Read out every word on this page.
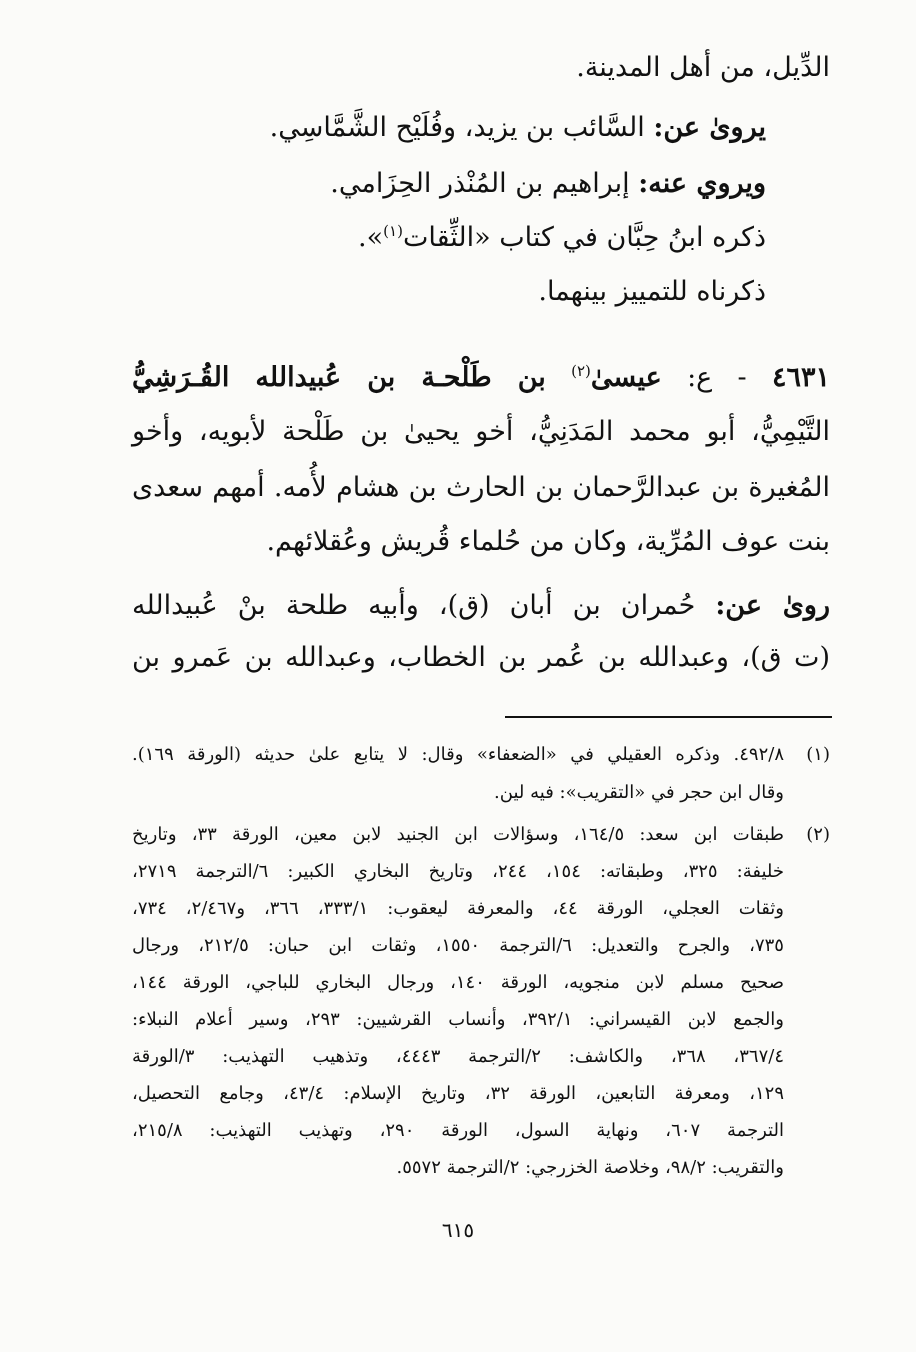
الدِّيل، من أهل المدينة.
يروىٰ عن: السَّائب بن يزيد، وفُلَيْح الشَّمَّاسِي.
ويروي عنه: إبراهيم بن المُنْذر الحِزَامي.
ذكره ابنُ حِبَّان في كتاب «الثِّقات$^{(١)}$».
ذكرناه للتمييز بينهما.
٤٦٣١ - ع: عيسىٰ$^{(٢)}$ بن طَلْحـة بن عُبيدالله القُـرَشِيُّ
التَّيْمِيُّ، أبو محمد المَدَنِيُّ، أخو يحيىٰ بن طَلْحة لأبويه، وأخو
المُغيرة بن عبدالرَّحمان بن الحارث بن هشام لأُمه. أمهم سعدى
بنت عوف المُرِّية، وكان من حُلماء قُريش وعُقلائهم.
روىٰ عن: حُمران بن أبان (ق)، وأبيه طلحة بنْ عُبيدالله
(ت ق)، وعبدالله بن عُمر بن الخطاب، وعبدالله بن عَمرو بن
(١)
٤٩٢/٨. وذكره العقيلي في «الضعفاء» وقال: لا يتابع علىٰ حديثه (الورقة ١٦٩).
وقال ابن حجر في «التقريب»: فيه لين.
(٢)
طبقات ابن سعد: ١٦٤/٥، وسؤالات ابن الجنيد لابن معين، الورقة ٣٣، وتاريخ
خليفة: ٣٢٥، وطبقاته: ١٥٤، ٢٤٤، وتاريخ البخاري الكبير: ٦/الترجمة ٢٧١٩،
وثقات العجلي، الورقة ٤٤، والمعرفة ليعقوب: ٣٣٣/١، ٣٦٦، و٢/٤٦٧، ٧٣٤،
٧٣٥، والجرح والتعديل: ٦/الترجمة ١٥٥٠، وثقات ابن حبان: ٢١٢/٥، ورجال
صحيح مسلم لابن منجويه، الورقة ١٤٠، ورجال البخاري للباجي، الورقة ١٤٤،
والجمع لابن القيسراني: ٣٩٢/١، وأنساب القرشيين: ٢٩٣، وسير أعلام النبلاء:
٣٦٧/٤، ٣٦٨، والكاشف: ٢/الترجمة ٤٤٤٣، وتذهيب التهذيب: ٣/الورقة
١٢٩، ومعرفة التابعين، الورقة ٣٢، وتاريخ الإسلام: ٤٣/٤، وجامع التحصيل،
الترجمة ٦٠٧، ونهاية السول، الورقة ٢٩٠، وتهذيب التهذيب: ٢١٥/٨،
والتقريب: ٩٨/٢، وخلاصة الخزرجي: ٢/الترجمة ٥٥٧٢.
٦١٥
